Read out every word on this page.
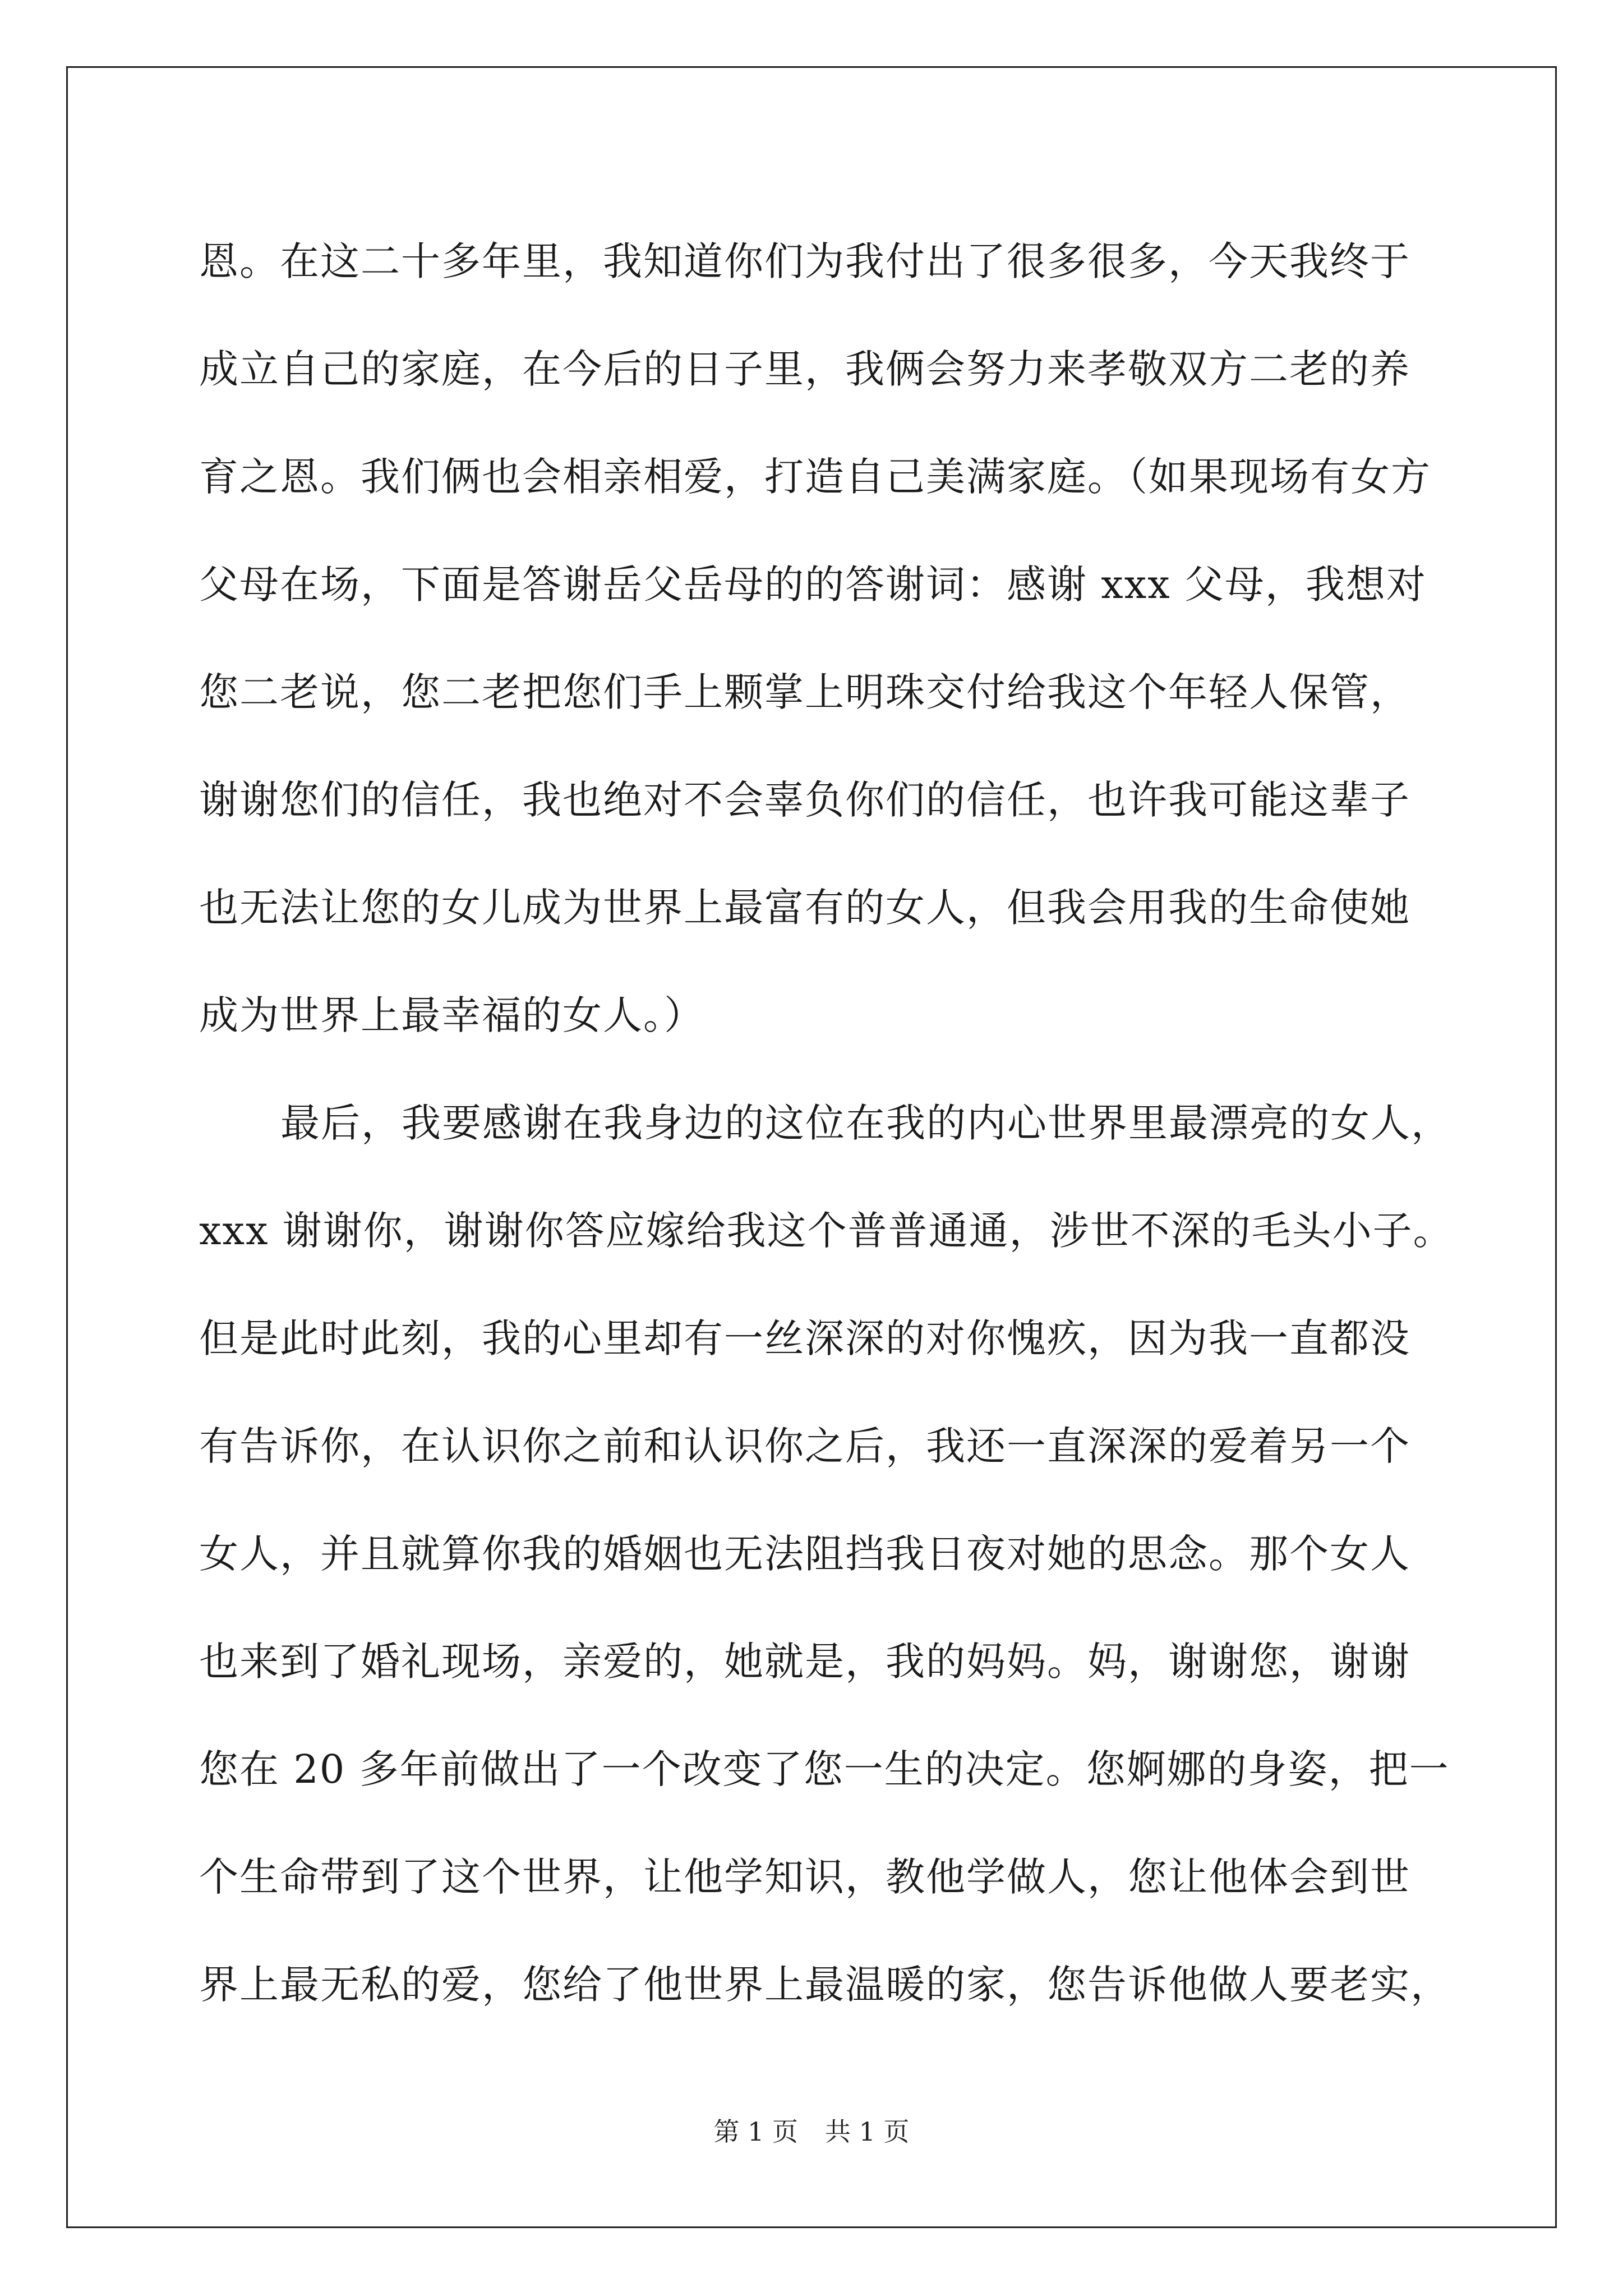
恩。在这二十多年里，我知道你们为我付出了很多很多，今天我终于
成立自己的家庭，在今后的日子里，我俩会努力来孝敬双方二老的养
育之恩。我们俩也会相亲相爱，打造自己美满家庭。（如果现场有女方
父母在场，下面是答谢岳父岳母的的答谢词：感谢 xxx 父母，我想对
您二老说，您二老把您们手上颗掌上明珠交付给我这个年轻人保管，
谢谢您们的信任，我也绝对不会辜负你们的信任，也许我可能这辈子
也无法让您的女儿成为世界上最富有的女人，但我会用我的生命使她
成为世界上最幸福的女人。）
最后，我要感谢在我身边的这位在我的内心世界里最漂亮的女人，
xxx 谢谢你，谢谢你答应嫁给我这个普普通通，涉世不深的毛头小子。
但是此时此刻，我的心里却有一丝深深的对你愧疚，因为我一直都没
有告诉你，在认识你之前和认识你之后，我还一直深深的爱着另一个
女人，并且就算你我的婚姻也无法阻挡我日夜对她的思念。那个女人
也来到了婚礼现场，亲爱的，她就是，我的妈妈。妈，谢谢您，谢谢
您在 20 多年前做出了一个改变了您一生的决定。您婀娜的身姿，把一
个生命带到了这个世界，让他学知识，教他学做人，您让他体会到世
界上最无私的爱，您给了他世界上最温暖的家，您告诉他做人要老实，
第 1 页 共 1 页
